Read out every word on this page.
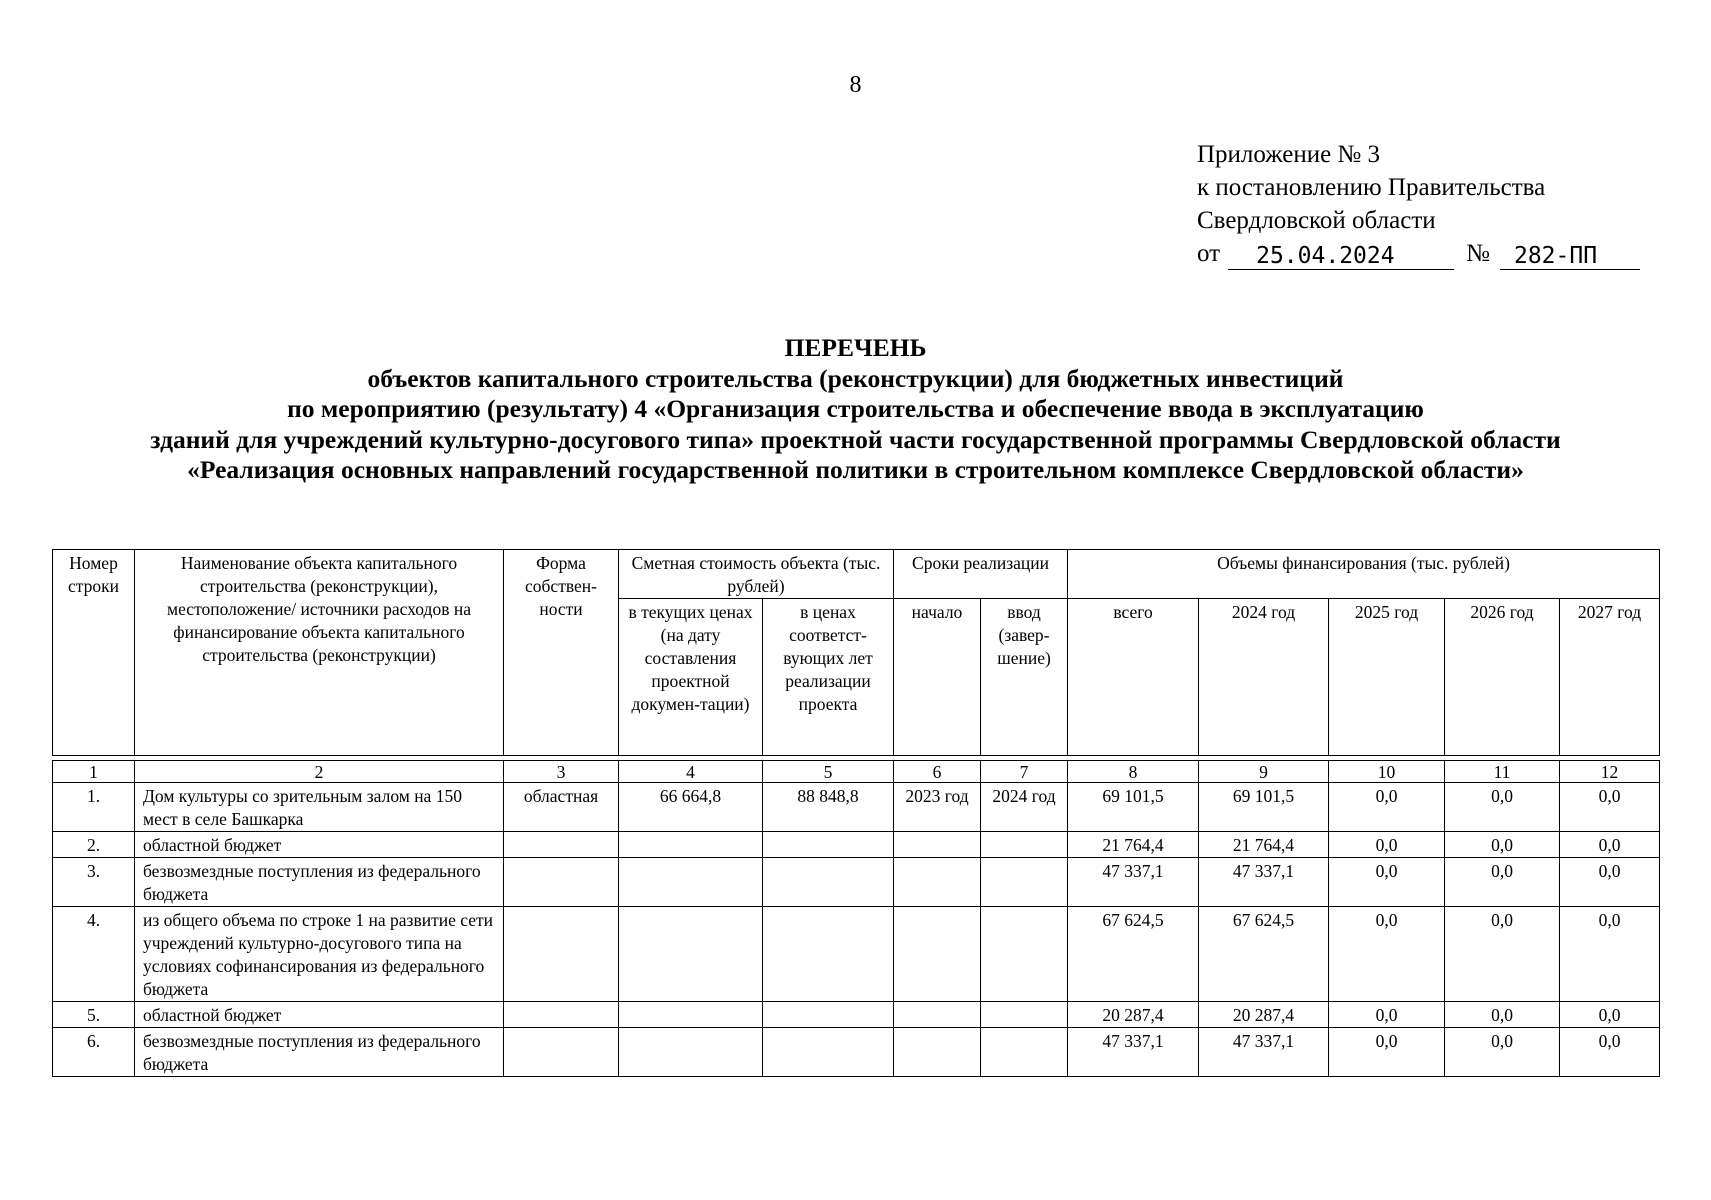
8
Приложение № 3
к постановлению Правительства
Свердловской области
от	25.04.2024	№	282-ПП
ПЕРЕЧЕНЬ
объектов капитального строительства (реконструкции) для бюджетных инвестиций
по мероприятию (результату) 4 «Организация строительства и обеспечение ввода в эксплуатацию
зданий для учреждений культурно-досугового типа» проектной части государственной программы Свердловской области
«Реализация основных направлений государственной политики в строительном комплексе Свердловской области»
Номер строки	Наименование объекта капитального строительства (реконструкции), местоположение/ источники расходов на финансирование объекта капитального строительства (реконструкции)	Форма собствен-ности	Сметная стоимость объекта (тыс. рублей)		Сроки реализации		Объемы финансирования (тыс. рублей)				
			в текущих ценах (на дату составления проектной докумен-тации)	в ценах соответст-вующих лет реализации проекта	начало	ввод (завер-шение)	всего	2024 год	2025 год	2026 год	2027 год

1	2	3	4	5	6	7	8	9	10	11	12
1.	Дом культуры со зрительным залом на 150 мест в селе Башкарка	областная	66 664,8	88 848,8	2023 год	2024 год	69 101,5	69 101,5	0,0	0,0	0,0
2.	областной бюджет						21 764,4	21 764,4	0,0	0,0	0,0
3.	безвозмездные поступления из федерального бюджета						47 337,1	47 337,1	0,0	0,0	0,0
4.	из общего объема по строке 1 на развитие сети учреждений культурно-досугового типа на условиях софинансирования из федерального бюджета						67 624,5	67 624,5	0,0	0,0	0,0
5.	областной бюджет						20 287,4	20 287,4	0,0	0,0	0,0
6.	безвозмездные поступления из федерального бюджета						47 337,1	47 337,1	0,0	0,0	0,0
